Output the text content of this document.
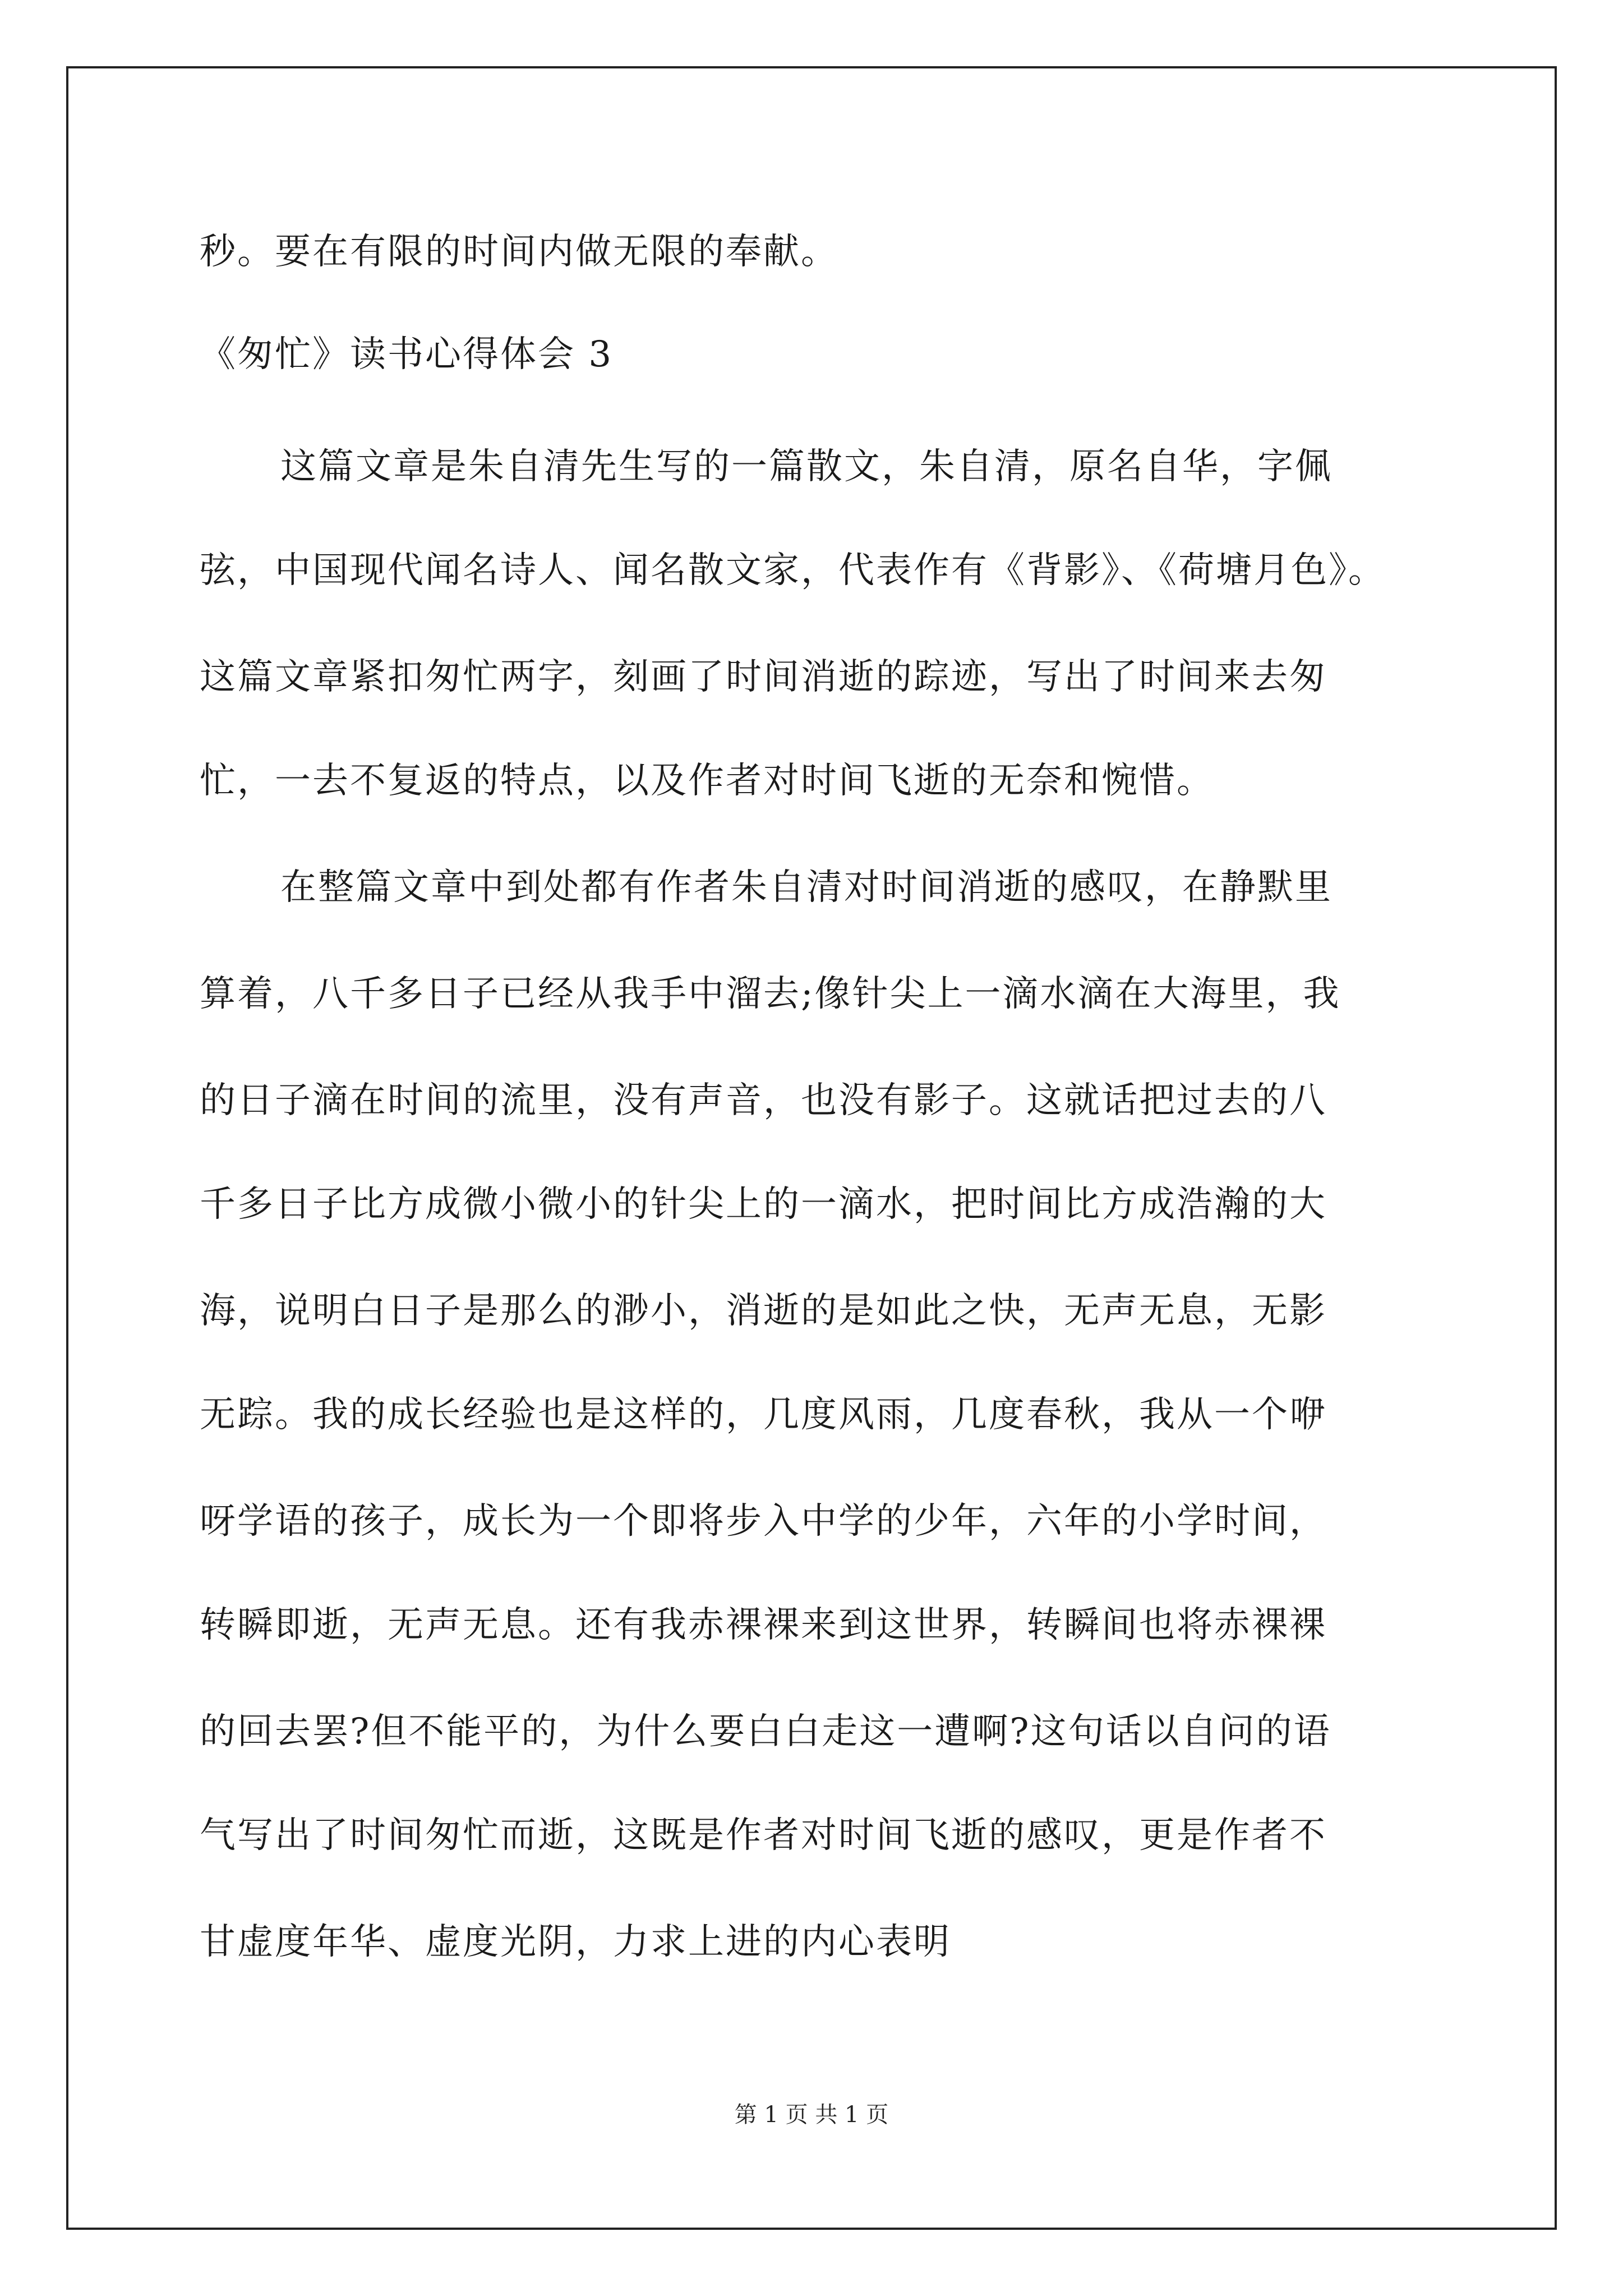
秒。要在有限的时间内做无限的奉献。
《匆忙》读书心得体会 3
这篇文章是朱自清先生写的一篇散文，朱自清，原名自华，字佩
弦，中国现代闻名诗人、闻名散文家，代表作有《背影》、《荷塘月色》。
这篇文章紧扣匆忙两字，刻画了时间消逝的踪迹，写出了时间来去匆
忙，一去不复返的特点，以及作者对时间飞逝的无奈和惋惜。
在整篇文章中到处都有作者朱自清对时间消逝的感叹，在静默里
算着，八千多日子已经从我手中溜去;像针尖上一滴水滴在大海里，我
的日子滴在时间的流里，没有声音，也没有影子。这就话把过去的八
千多日子比方成微小微小的针尖上的一滴水，把时间比方成浩瀚的大
海，说明白日子是那么的渺小，消逝的是如此之快，无声无息，无影
无踪。我的成长经验也是这样的，几度风雨，几度春秋，我从一个咿
呀学语的孩子，成长为一个即将步入中学的少年，六年的小学时间，
转瞬即逝，无声无息。还有我赤裸裸来到这世界，转瞬间也将赤裸裸
的回去罢?但不能平的，为什么要白白走这一遭啊?这句话以自问的语
气写出了时间匆忙而逝，这既是作者对时间飞逝的感叹，更是作者不
甘虚度年华、虚度光阴，力求上进的内心表明
第 1 页 共 1 页
